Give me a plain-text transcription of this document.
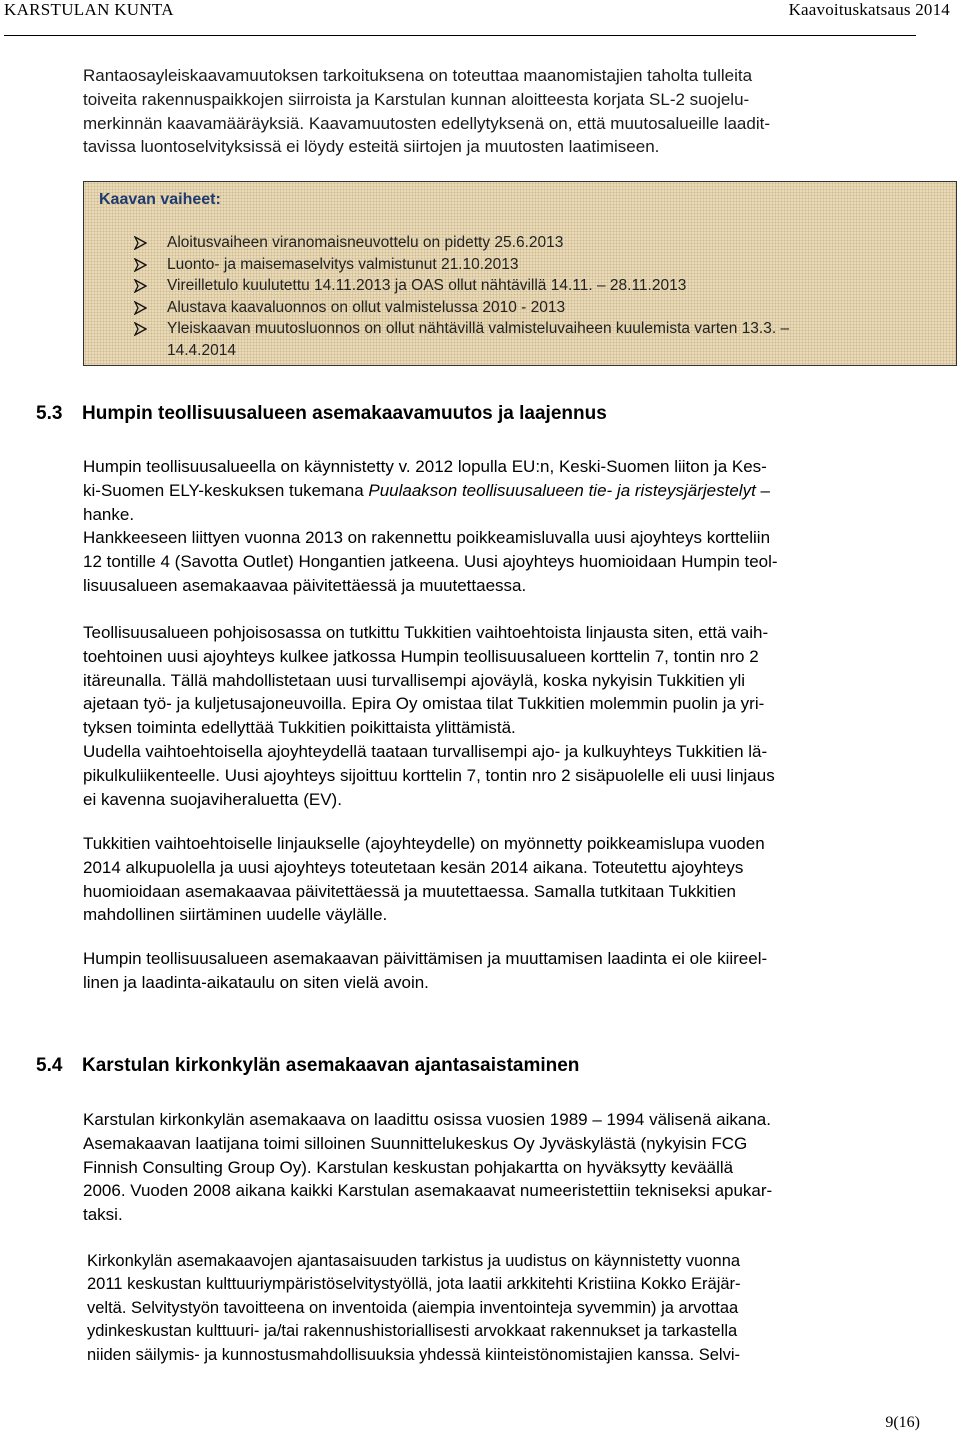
KARSTULAN KUNTA	Kaavoituskatsaus 2014

Rantaosayleiskaavamuutoksen tarkoituksena on toteuttaa maanomistajien taholta tulleita

toiveita rakennuspaikkojen siirroista ja Karstulan kunnan aloitteesta korjata SL-2 suojelu-

merkinnän kaavamääräyksiä. Kaavamuutosten edellytyksenä on, että muutosalueille laadit-

tavissa luontoselvityksissä ei löydy esteitä siirtojen ja muutosten laatimiseen.

Kaavan vaiheet:
Aloitusvaiheen viranomaisneuvottelu on pidetty 25.6.2013
Luonto- ja maisemaselvitys valmistunut 21.10.2013
Vireilletulo kuulutettu 14.11.2013 ja OAS ollut nähtävillä 14.11. – 28.11.2013
Alustava kaavaluonnos on ollut valmistelussa 2010 - 2013
Yleiskaavan muutosluonnos on ollut nähtävillä valmisteluvaiheen kuulemista varten 13.3. –
14.4.2014
5.3 Humpin teollisuusalueen asemakaavamuutos ja laajennus

Humpin teollisuusalueella on käynnistetty v. 2012 lopulla EU:n, Keski-Suomen liiton ja Kes-

ki-Suomen ELY-keskuksen tukemana Puulaakson teollisuusalueen tie- ja risteysjärjestelyt –

hanke.

Hankkeeseen liittyen vuonna 2013 on rakennettu poikkeamisluvalla uusi ajoyhteys kortteliin

12 tontille 4 (Savotta Outlet) Hongantien jatkeena. Uusi ajoyhteys huomioidaan Humpin teol-

lisuusalueen asemakaavaa päivitettäessä ja muutettaessa.

Teollisuusalueen pohjoisosassa on tutkittu Tukkitien vaihtoehtoista linjausta siten, että vaih-

toehtoinen uusi ajoyhteys kulkee jatkossa Humpin teollisuusalueen korttelin 7, tontin nro 2

itäreunalla. Tällä mahdollistetaan uusi turvallisempi ajoväylä, koska nykyisin Tukkitien yli

ajetaan työ- ja kuljetusajoneuvoilla. Epira Oy omistaa tilat Tukkitien molemmin puolin ja yri-

tyksen toiminta edellyttää Tukkitien poikittaista ylittämistä.

Uudella vaihtoehtoisella ajoyhteydellä taataan turvallisempi ajo- ja kulkuyhteys Tukkitien lä-

pikulkuliikenteelle. Uusi ajoyhteys sijoittuu korttelin 7, tontin nro 2 sisäpuolelle eli uusi linjaus

ei kavenna suojaviheraluetta (EV).

Tukkitien vaihtoehtoiselle linjaukselle (ajoyhteydelle) on myönnetty poikkeamislupa vuoden

2014 alkupuolella ja uusi ajoyhteys toteutetaan kesän 2014 aikana. Toteutettu ajoyhteys

huomioidaan asemakaavaa päivitettäessä ja muutettaessa. Samalla tutkitaan Tukkitien

mahdollinen siirtäminen uudelle väylälle.

Humpin teollisuusalueen asemakaavan päivittämisen ja muuttamisen laadinta ei ole kiireel-

linen ja laadinta-aikataulu on siten vielä avoin.

5.4 Karstulan kirkonkylän asemakaavan ajantasaistaminen

Karstulan kirkonkylän asemakaava on laadittu osissa vuosien 1989 – 1994 välisenä aikana.

Asemakaavan laatijana toimi silloinen Suunnittelukeskus Oy Jyväskylästä (nykyisin FCG

Finnish Consulting Group Oy). Karstulan keskustan pohjakartta on hyväksytty keväällä

2006. Vuoden 2008 aikana kaikki Karstulan asemakaavat numeeristettiin tekniseksi apukar-

taksi.

Kirkonkylän asemakaavojen ajantasaisuuden tarkistus ja uudistus on käynnistetty vuonna

2011 keskustan kulttuuriympäristöselvitystyöllä, jota laatii arkkitehti Kristiina Kokko Eräjär-

veltä. Selvitystyön tavoitteena on inventoida (aiempia inventointeja syvemmin) ja arvottaa

ydinkeskustan kulttuuri- ja/tai rakennushistoriallisesti arvokkaat rakennukset ja tarkastella

niiden säilymis- ja kunnostusmahdollisuuksia yhdessä kiinteistönomistajien kanssa. Selvi-

9(16)
